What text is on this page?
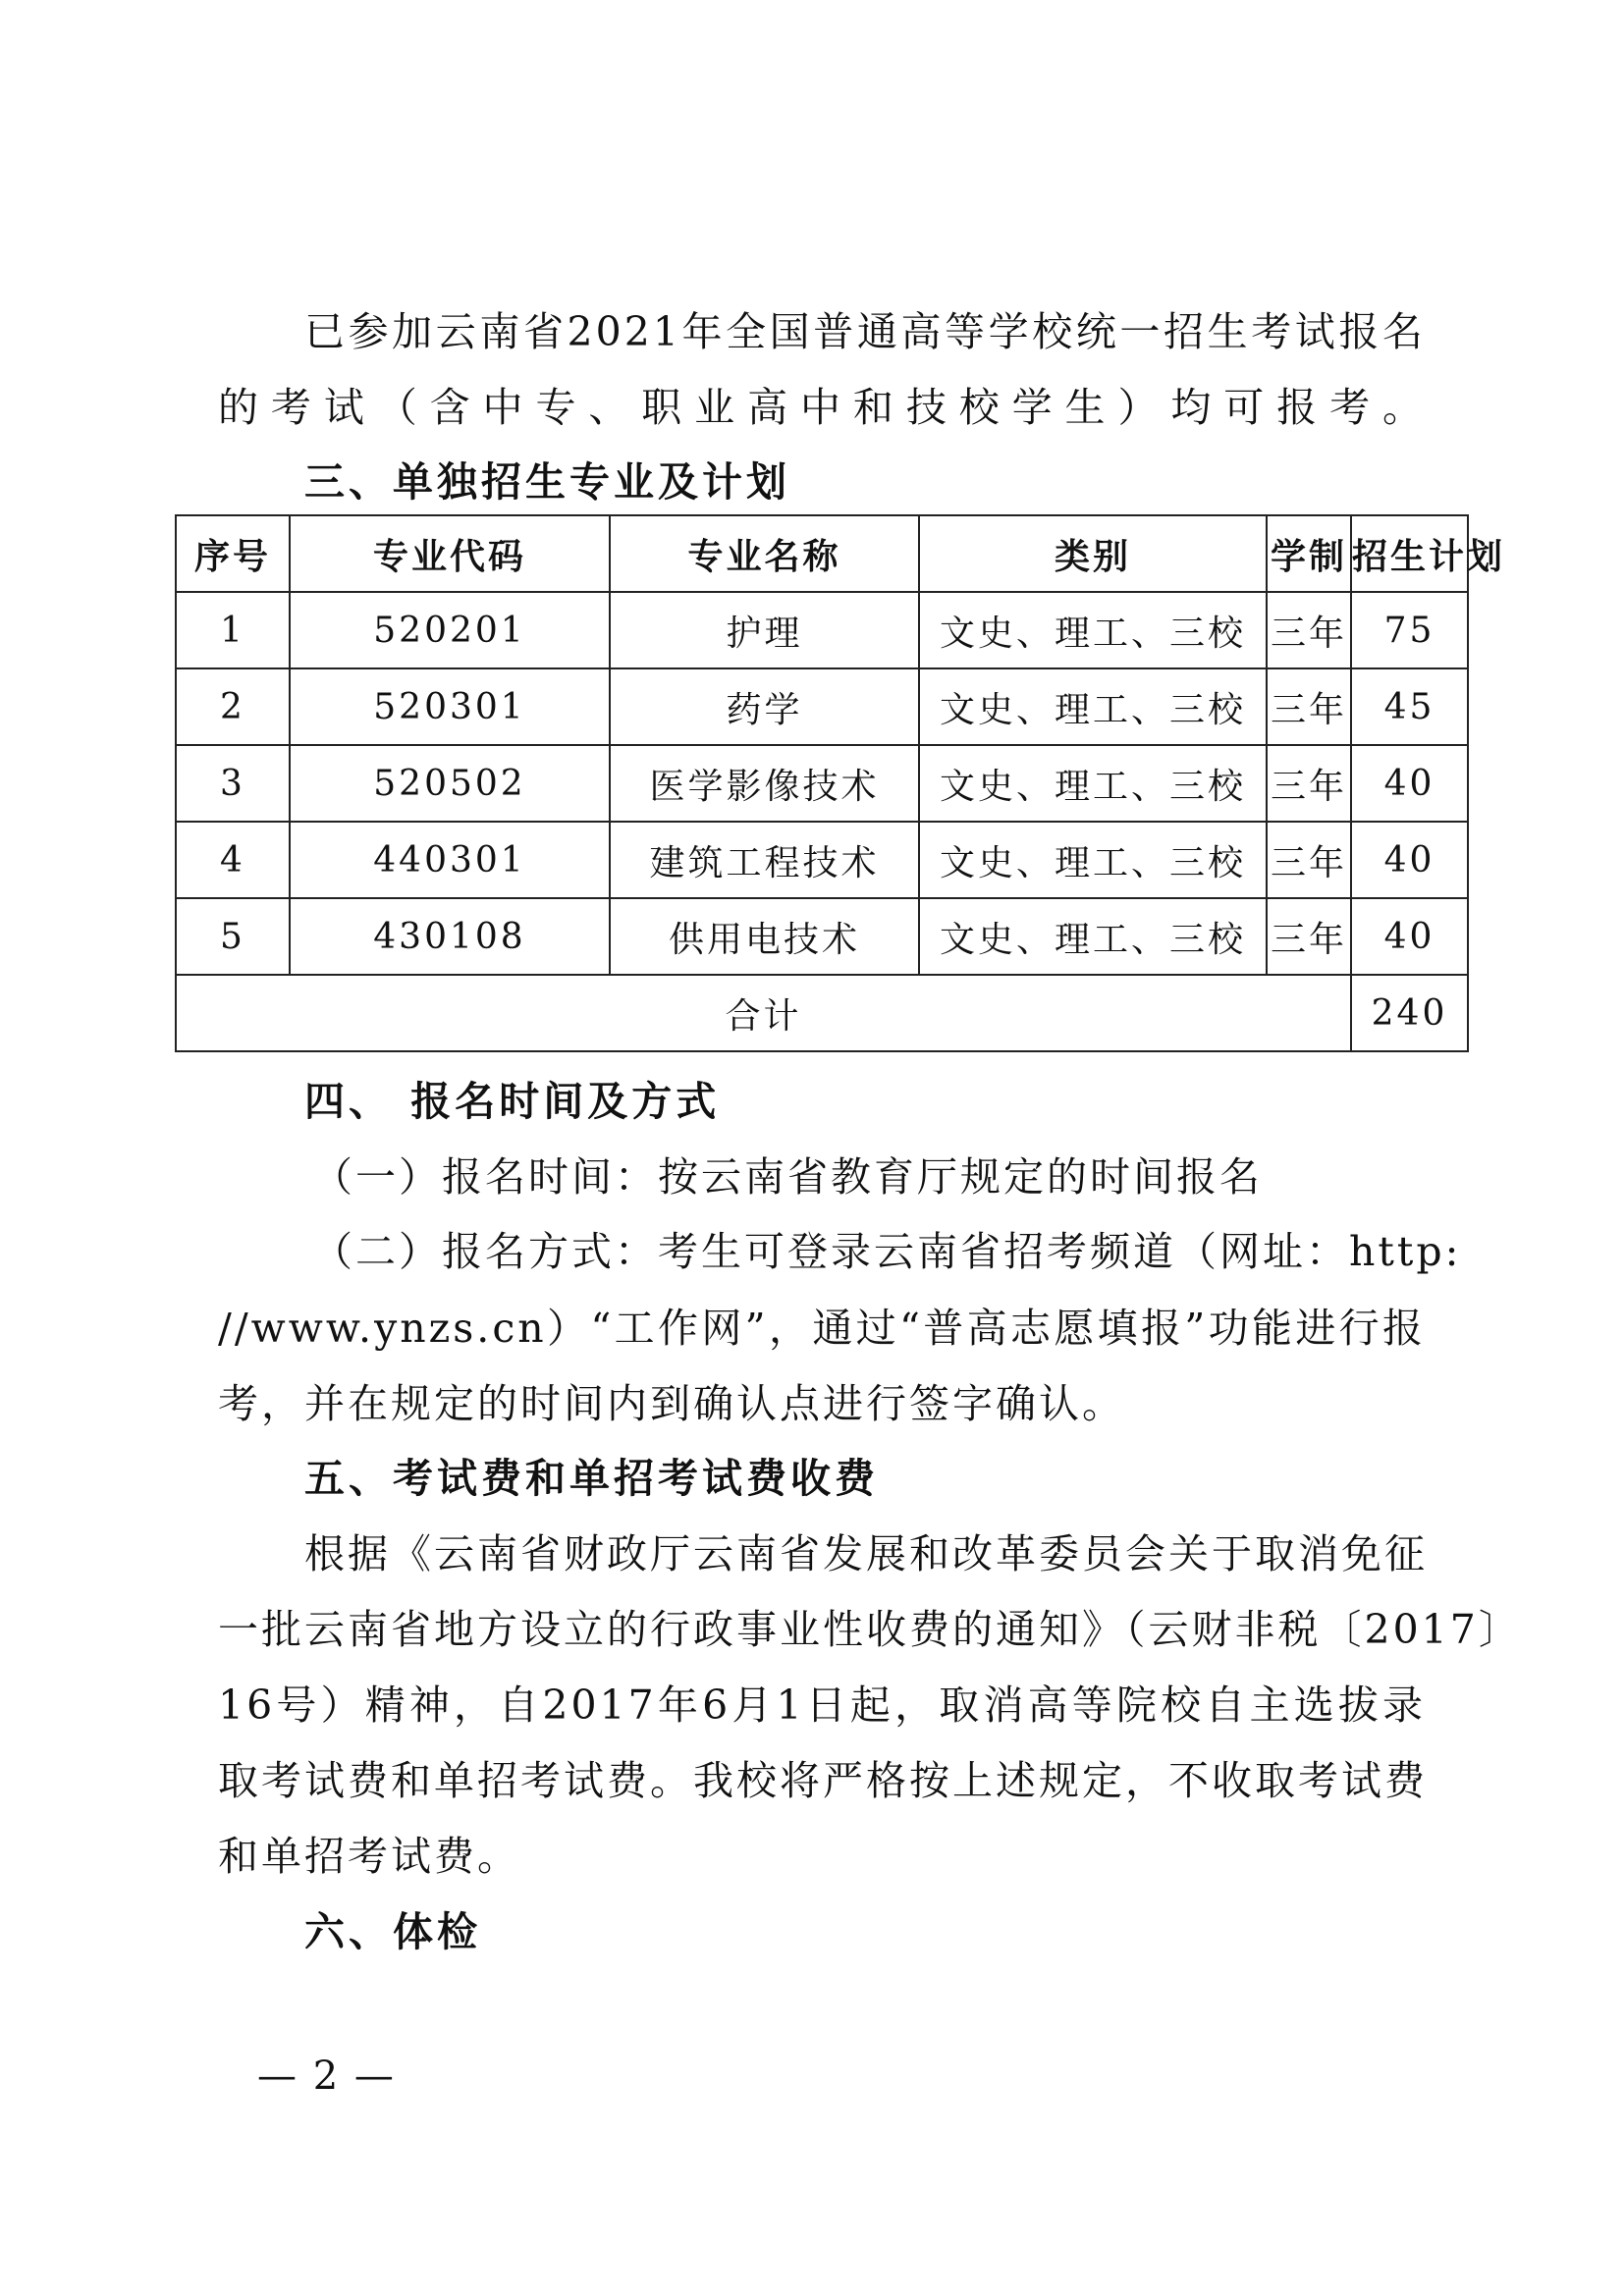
已参加云南省2021年全国普通高等学校统一招生考试报名
的考试（含中专、职业高中和技校学生）均可报考。
三、单独招生专业及计划
序号	专业代码	专业名称	类别	学制	招生计划
1	520201	护理	文史、理工、三校	三年	75
2	520301	药学	文史、理工、三校	三年	45
3	520502	医学影像技术	文史、理工、三校	三年	40
4	440301	建筑工程技术	文史、理工、三校	三年	40
5	430108	供用电技术	文史、理工、三校	三年	40
合计					240
四、 报名时间及方式
（一）报名时间：按云南省教育厅规定的时间报名
（二）报名方式：考生可登录云南省招考频道（网址：http:
//www.ynzs.cn）“工作网”，通过“普高志愿填报”功能进行报
考，并在规定的时间内到确认点进行签字确认。
五、考试费和单招考试费收费
根据《云南省财政厅云南省发展和改革委员会关于取消免征
一批云南省地方设立的行政事业性收费的通知》（云财非税〔2017〕
16号）精神，自2017年6月1日起，取消高等院校自主选拔录
取考试费和单招考试费。我校将严格按上述规定，不收取考试费
和单招考试费。
六、体检
— 2 —
